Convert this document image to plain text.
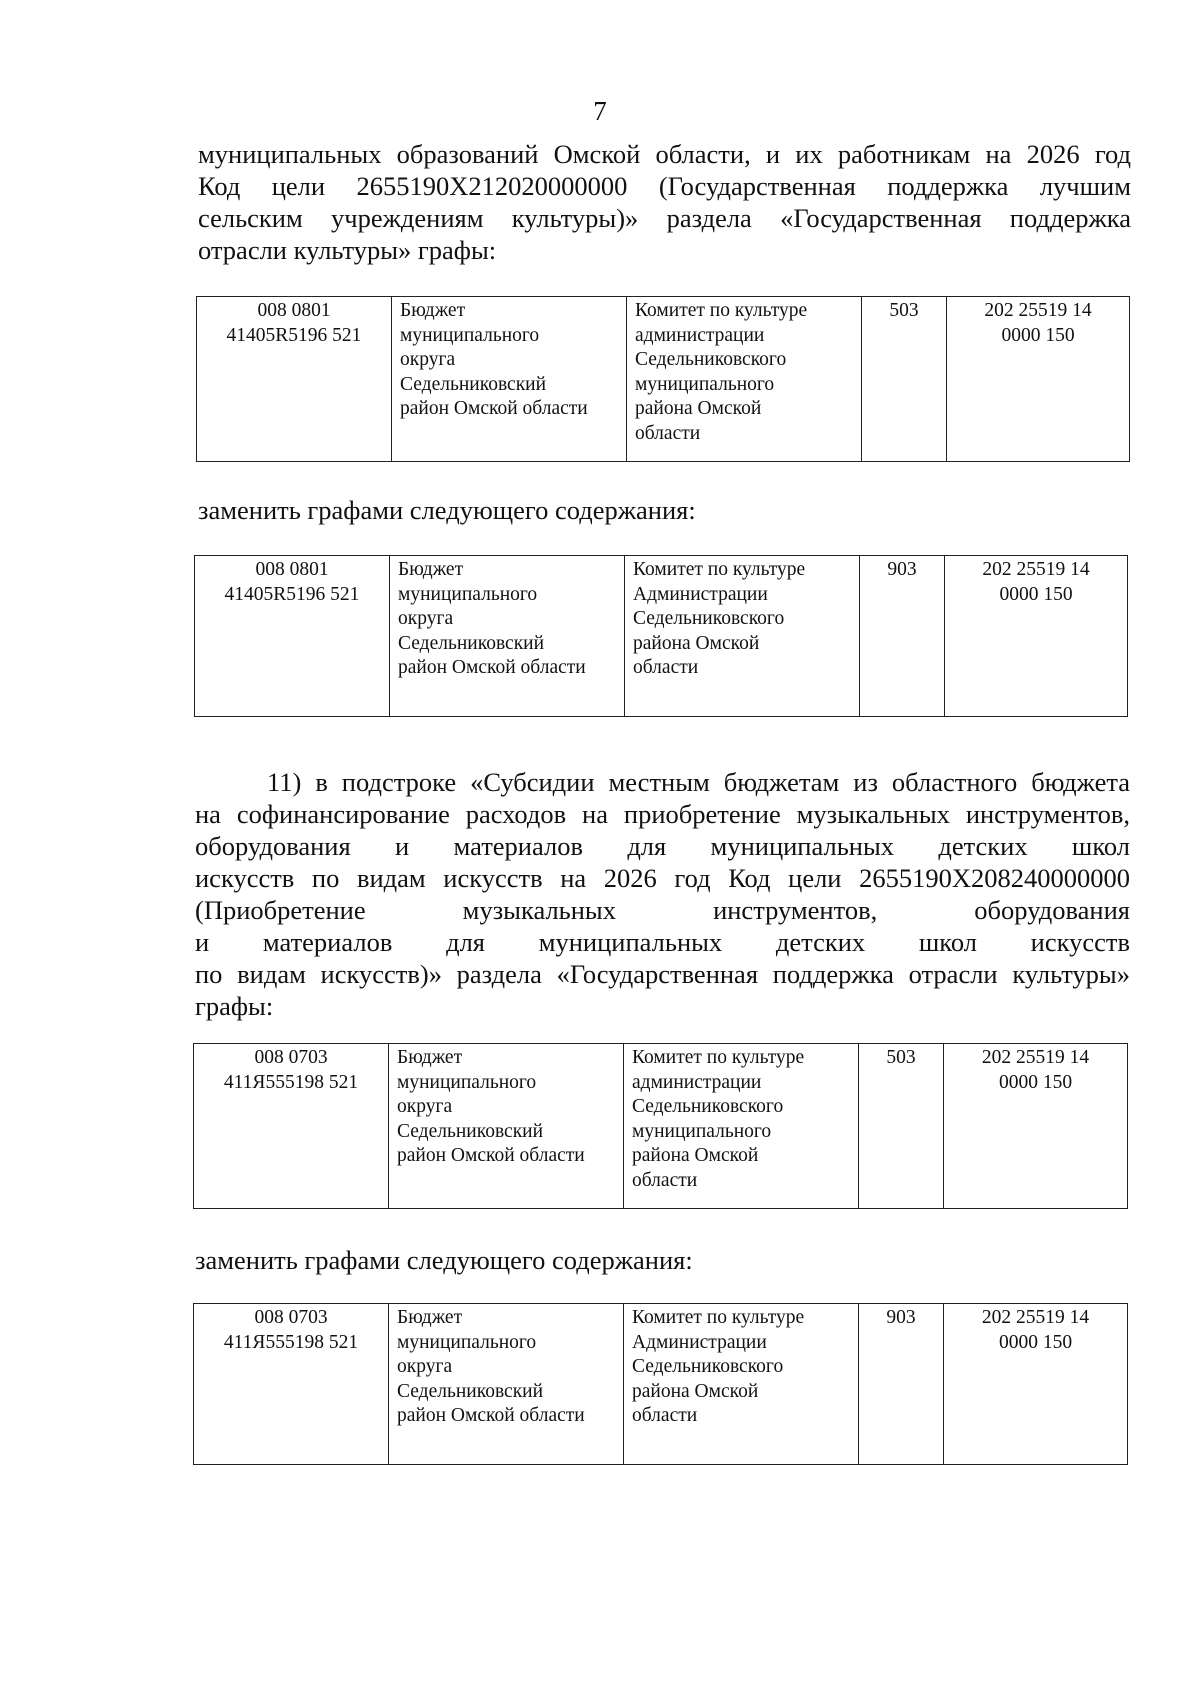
7
муниципальных образований Омской области, и их работникам на 2026 год
Код цели 2655190Х212020000000 (Государственная поддержка лучшим
сельским учреждениям культуры)» раздела «Государственная поддержка
отрасли культуры» графы:
008 0801
41405R5196 521

Бюджет
муниципального
округа
Седельниковский
район Омской области

Комитет по культуре
администрации
Седельниковского
муниципального
района Омской
области
	503	202 25519 14
0000 150
заменить графами следующего содержания:
008 0801
41405R5196 521

Бюджет
муниципального
округа
Седельниковский
район Омской области

Комитет по культуре
Администрации
Седельниковского
района Омской
области
	903	202 25519 14
0000 150
11) в подстроке «Субсидии местным бюджетам из областного бюджета
на софинансирование расходов на приобретение музыкальных инструментов,
оборудования и материалов для муниципальных детских школ
искусств по видам искусств на 2026 год Код цели 2655190Х208240000000
(Приобретение музыкальных инструментов, оборудования
и материалов для муниципальных детских школ искусств
по видам искусств)» раздела «Государственная поддержка отрасли культуры»
графы:
008 0703
411Я555198 521

Бюджет
муниципального
округа
Седельниковский
район Омской области

Комитет по культуре
администрации
Седельниковского
муниципального
района Омской
области
	503	202 25519 14
0000 150
заменить графами следующего содержания:
008 0703
411Я555198 521

Бюджет
муниципального
округа
Седельниковский
район Омской области

Комитет по культуре
Администрации
Седельниковского
района Омской
области
	903	202 25519 14
0000 150
